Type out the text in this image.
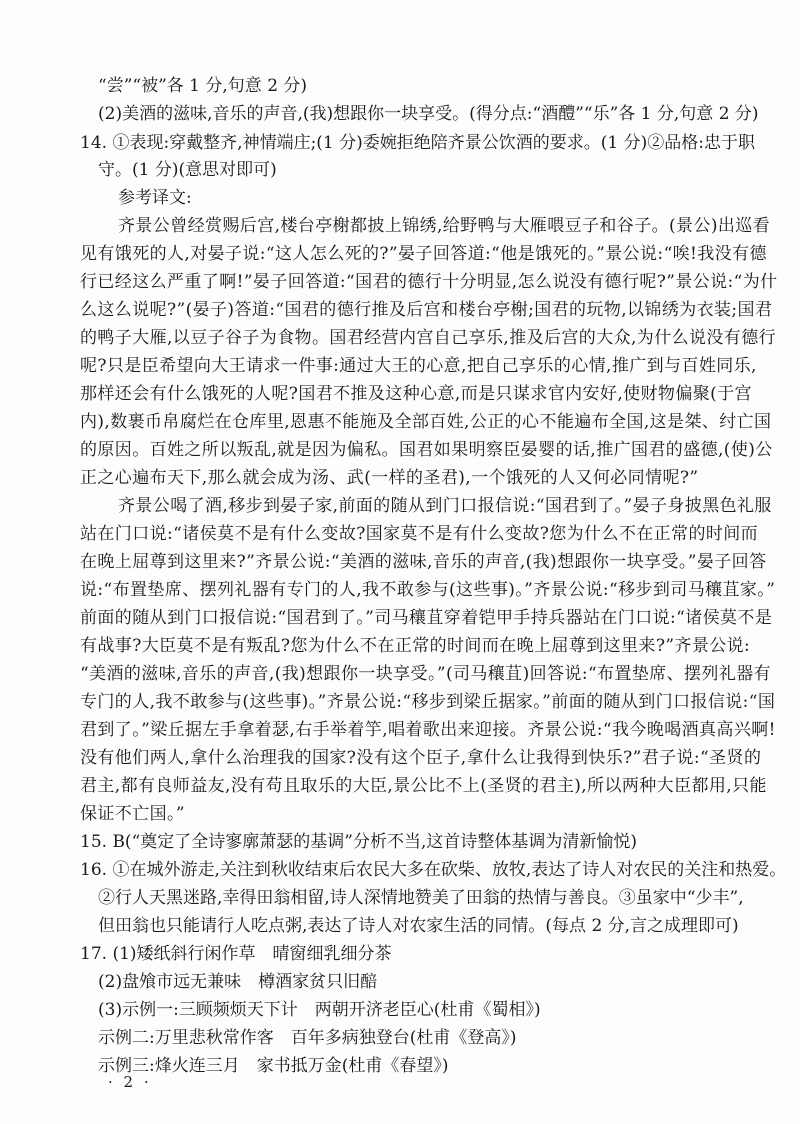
“尝”“被”各 1 分,句意 2 分)
(2)美酒的滋味,音乐的声音,(我)想跟你一块享受。(得分点:“酒醴”“乐”各 1 分,句意 2 分)
14. ①表现:穿戴整齐,神情端庄;(1 分)委婉拒绝陪齐景公饮酒的要求。(1 分)②品格:忠于职
守。(1 分)(意思对即可)
参考译文:
齐景公曾经赏赐后宫,楼台亭榭都披上锦绣,给野鸭与大雁喂豆子和谷子。(景公)出巡看
见有饿死的人,对晏子说:“这人怎么死的?”晏子回答道:“他是饿死的。”景公说:“唉!我没有德
行已经这么严重了啊!”晏子回答道:“国君的德行十分明显,怎么说没有德行呢?”景公说:“为什
么这么说呢?”(晏子)答道:“国君的德行推及后宫和楼台亭榭;国君的玩物,以锦绣为衣装;国君
的鸭子大雁,以豆子谷子为食物。国君经营内宫自己享乐,推及后宫的大众,为什么说没有德行
呢?只是臣希望向大王请求一件事:通过大王的心意,把自己享乐的心情,推广到与百姓同乐,
那样还会有什么饿死的人呢?国君不推及这种心意,而是只谋求官内安好,使财物偏聚(于宫
内),数裹币帛腐烂在仓库里,恩惠不能施及全部百姓,公正的心不能遍布全国,这是桀、纣亡国
的原因。百姓之所以叛乱,就是因为偏私。国君如果明察臣晏婴的话,推广国君的盛德,(使)公
正之心遍布天下,那么就会成为汤、武(一样的圣君),一个饿死的人又何必同情呢?”
齐景公喝了酒,移步到晏子家,前面的随从到门口报信说:“国君到了。”晏子身披黑色礼服
站在门口说:“诸侯莫不是有什么变故?国家莫不是有什么变故?您为什么不在正常的时间而
在晚上屈尊到这里来?”齐景公说:“美酒的滋味,音乐的声音,(我)想跟你一块享受。”晏子回答
说:“布置垫席、摆列礼器有专门的人,我不敢参与(这些事)。”齐景公说:“移步到司马穰苴家。”
前面的随从到门口报信说:“国君到了。”司马穰苴穿着铠甲手持兵器站在门口说:“诸侯莫不是
有战事?大臣莫不是有叛乱?您为什么不在正常的时间而在晚上屈尊到这里来?”齐景公说:
“美酒的滋味,音乐的声音,(我)想跟你一块享受。”(司马穰苴)回答说:“布置垫席、摆列礼器有
专门的人,我不敢参与(这些事)。”齐景公说:“移步到梁丘据家。”前面的随从到门口报信说:“国
君到了。”梁丘据左手拿着瑟,右手举着竽,唱着歌出来迎接。齐景公说:“我今晚喝酒真高兴啊!
没有他们两人,拿什么治理我的国家?没有这个臣子,拿什么让我得到快乐?”君子说:“圣贤的
君主,都有良师益友,没有苟且取乐的大臣,景公比不上(圣贤的君主),所以两种大臣都用,只能
保证不亡国。”
15. B(“奠定了全诗寥廓萧瑟的基调”分析不当,这首诗整体基调为清新愉悦)
16. ①在城外游走,关注到秋收结束后农民大多在砍柴、放牧,表达了诗人对农民的关注和热爱。
②行人天黑迷路,幸得田翁相留,诗人深情地赞美了田翁的热情与善良。③虽家中“少丰”,
但田翁也只能请行人吃点粥,表达了诗人对农家生活的同情。(每点 2 分,言之成理即可)
17. (1)矮纸斜行闲作草　晴窗细乳细分茶
(2)盘飧市远无兼味　樽酒家贫只旧醅
(3)示例一:三顾频烦天下计　两朝开济老臣心(杜甫《蜀相》)
示例二:万里悲秋常作客　百年多病独登台(杜甫《登高》)
示例三:烽火连三月　家书抵万金(杜甫《春望》)
· 2 ·
